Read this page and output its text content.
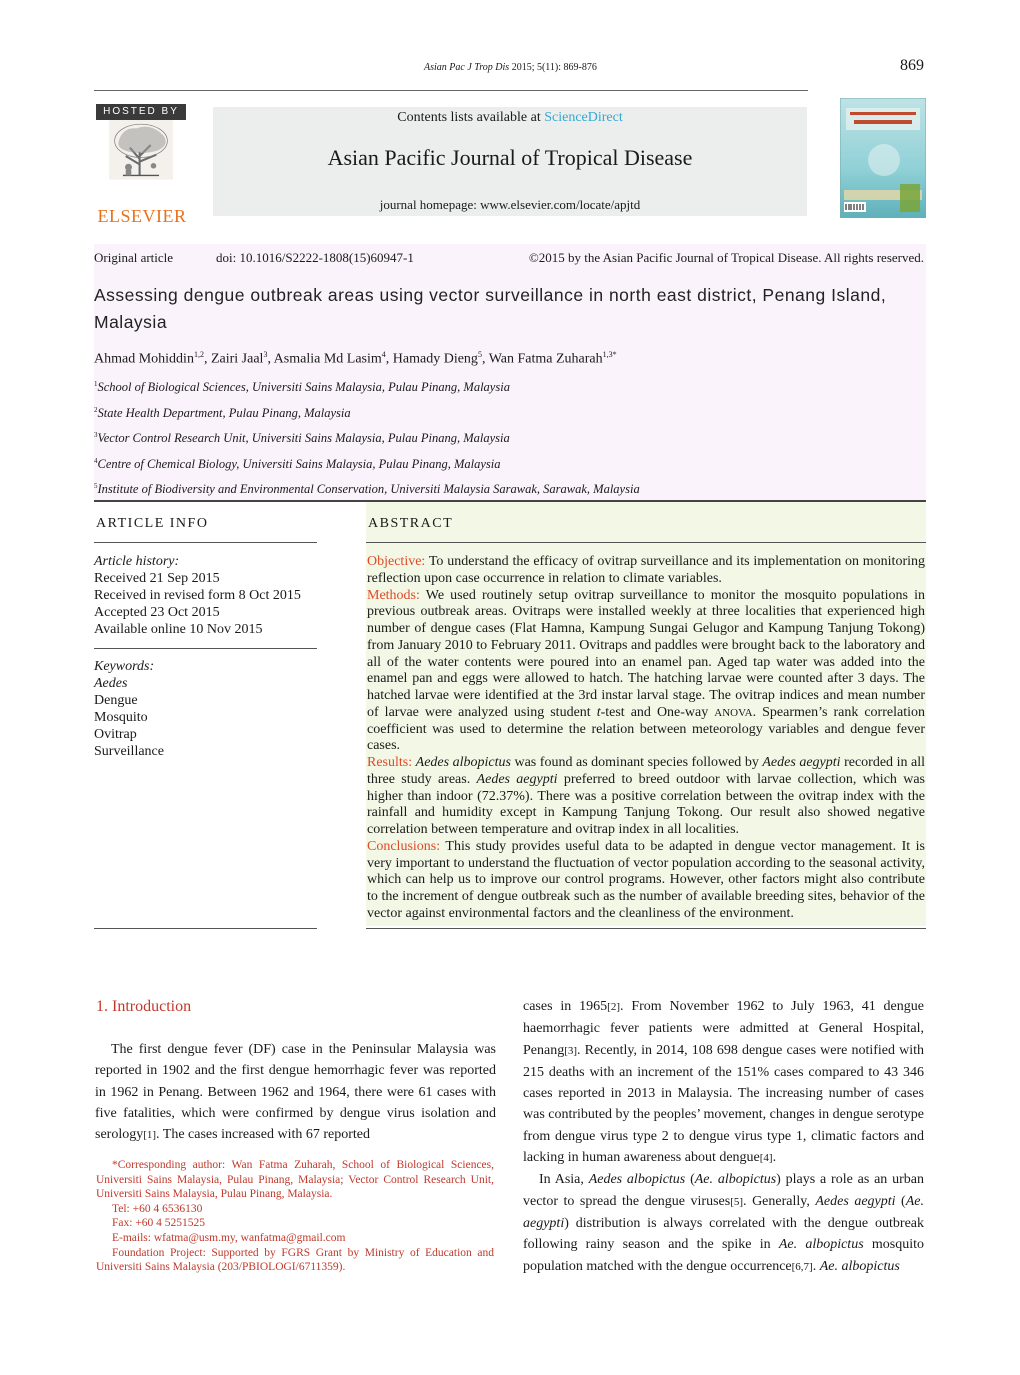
Asian Pac J Trop Dis 2015; 5(11): 869-876	869
HOSTED BY
ELSEVIER
Contents lists available at ScienceDirect
Asian Pacific Journal of Tropical Disease
journal homepage: www.elsevier.com/locate/apjtd
Original article	doi: 10.1016/S2222-1808(15)60947-1	©2015 by the Asian Pacific Journal of Tropical Disease. All rights reserved.
Assessing dengue outbreak areas using vector surveillance in north east district, Penang Island, Malaysia
Ahmad Mohiddin$^{1,2}$, Zairi Jaal$^3$, Asmalia Md Lasim$^4$, Hamady Dieng$^5$, Wan Fatma Zuharah$^{1,3*}$
$^1$School of Biological Sciences, Universiti Sains Malaysia, Pulau Pinang, Malaysia
$^2$State Health Department, Pulau Pinang, Malaysia
$^3$Vector Control Research Unit, Universiti Sains Malaysia, Pulau Pinang, Malaysia
$^4$Centre of Chemical Biology, Universiti Sains Malaysia, Pulau Pinang, Malaysia
$^5$Institute of Biodiversity and Environmental Conservation, Universiti Malaysia Sarawak, Sarawak, Malaysia
ARTICLE INFO
Article history:
Received 21 Sep 2015
Received in revised form 8 Oct 2015
Accepted 23 Oct 2015
Available online 10 Nov 2015
Keywords:
Aedes
Dengue
Mosquito
Ovitrap
Surveillance
ABSTRACT

Objective: To understand the efficacy of ovitrap surveillance and its implementation on monitoring reflection upon case occurrence in relation to climate variables.

Methods: We used routinely setup ovitrap surveillance to monitor the mosquito populations in previous outbreak areas. Ovitraps were installed weekly at three localities that experienced high number of dengue cases (Flat Hamna, Kampung Sungai Gelugor and Kampung Tanjung Tokong) from January 2010 to February 2011. Ovitraps and paddles were brought back to the laboratory and all of the water contents were poured into an enamel pan. Aged tap water was added into the enamel pan and eggs were allowed to hatch. The hatching larvae were counted after 3 days. The hatched larvae were identified at the 3rd instar larval stage. The ovitrap indices and mean number of larvae were analyzed using student t-test and One-way ANOVA. Spearmen’s rank correlation coefficient was used to determine the relation between meteorology variables and dengue fever cases.

Results: Aedes albopictus was found as dominant species followed by Aedes aegypti recorded in all three study areas. Aedes aegypti preferred to breed outdoor with larvae collection, which was higher than indoor (72.37%). There was a positive correlation between the ovitrap index with the rainfall and humidity except in Kampung Tanjung Tokong. Our result also showed negative correlation between temperature and ovitrap index in all localities.

Conclusions: This study provides useful data to be adapted in dengue vector management. It is very important to understand the fluctuation of vector population according to the seasonal activity, which can help us to improve our control programs. However, other factors might also contribute to the increment of dengue outbreak such as the number of available breeding sites, behavior of the vector against environmental factors and the cleanliness of the environment.

1. Introduction

The first dengue fever (DF) case in the Peninsular Malaysia was reported in 1902 and the first dengue hemorrhagic fever was reported in 1962 in Penang. Between 1962 and 1964, there were 61 cases with five fatalities, which were confirmed by dengue virus isolation and serology[1]. The cases increased with 67 reported

*Corresponding author: Wan Fatma Zuharah, School of Biological Sciences, Universiti Sains Malaysia, Pulau Pinang, Malaysia; Vector Control Research Unit, Universiti Sains Malaysia, Pulau Pinang, Malaysia.

Tel: +60 4 6536130

Fax: +60 4 5251525

E-mails: wfatma@usm.my, wanfatma@gmail.com

Foundation Project: Supported by FGRS Grant by Ministry of Education and Universiti Sains Malaysia (203/PBIOLOGI/6711359).

cases in 1965[2]. From November 1962 to July 1963, 41 dengue haemorrhagic fever patients were admitted at General Hospital, Penang[3]. Recently, in 2014, 108 698 dengue cases were notified with 215 deaths with an increment of the 151% cases compared to 43 346 cases reported in 2013 in Malaysia. The increasing number of cases was contributed by the peoples’ movement, changes in dengue serotype from dengue virus type 2 to dengue virus type 1, climatic factors and lacking in human awareness about dengue[4].

In Asia, Aedes albopictus (Ae. albopictus) plays a role as an urban vector to spread the dengue viruses[5]. Generally, Aedes aegypti (Ae. aegypti) distribution is always correlated with the dengue outbreak following rainy season and the spike in Ae. albopictus mosquito population matched with the dengue occurrence[6,7]. Ae. albopictus
